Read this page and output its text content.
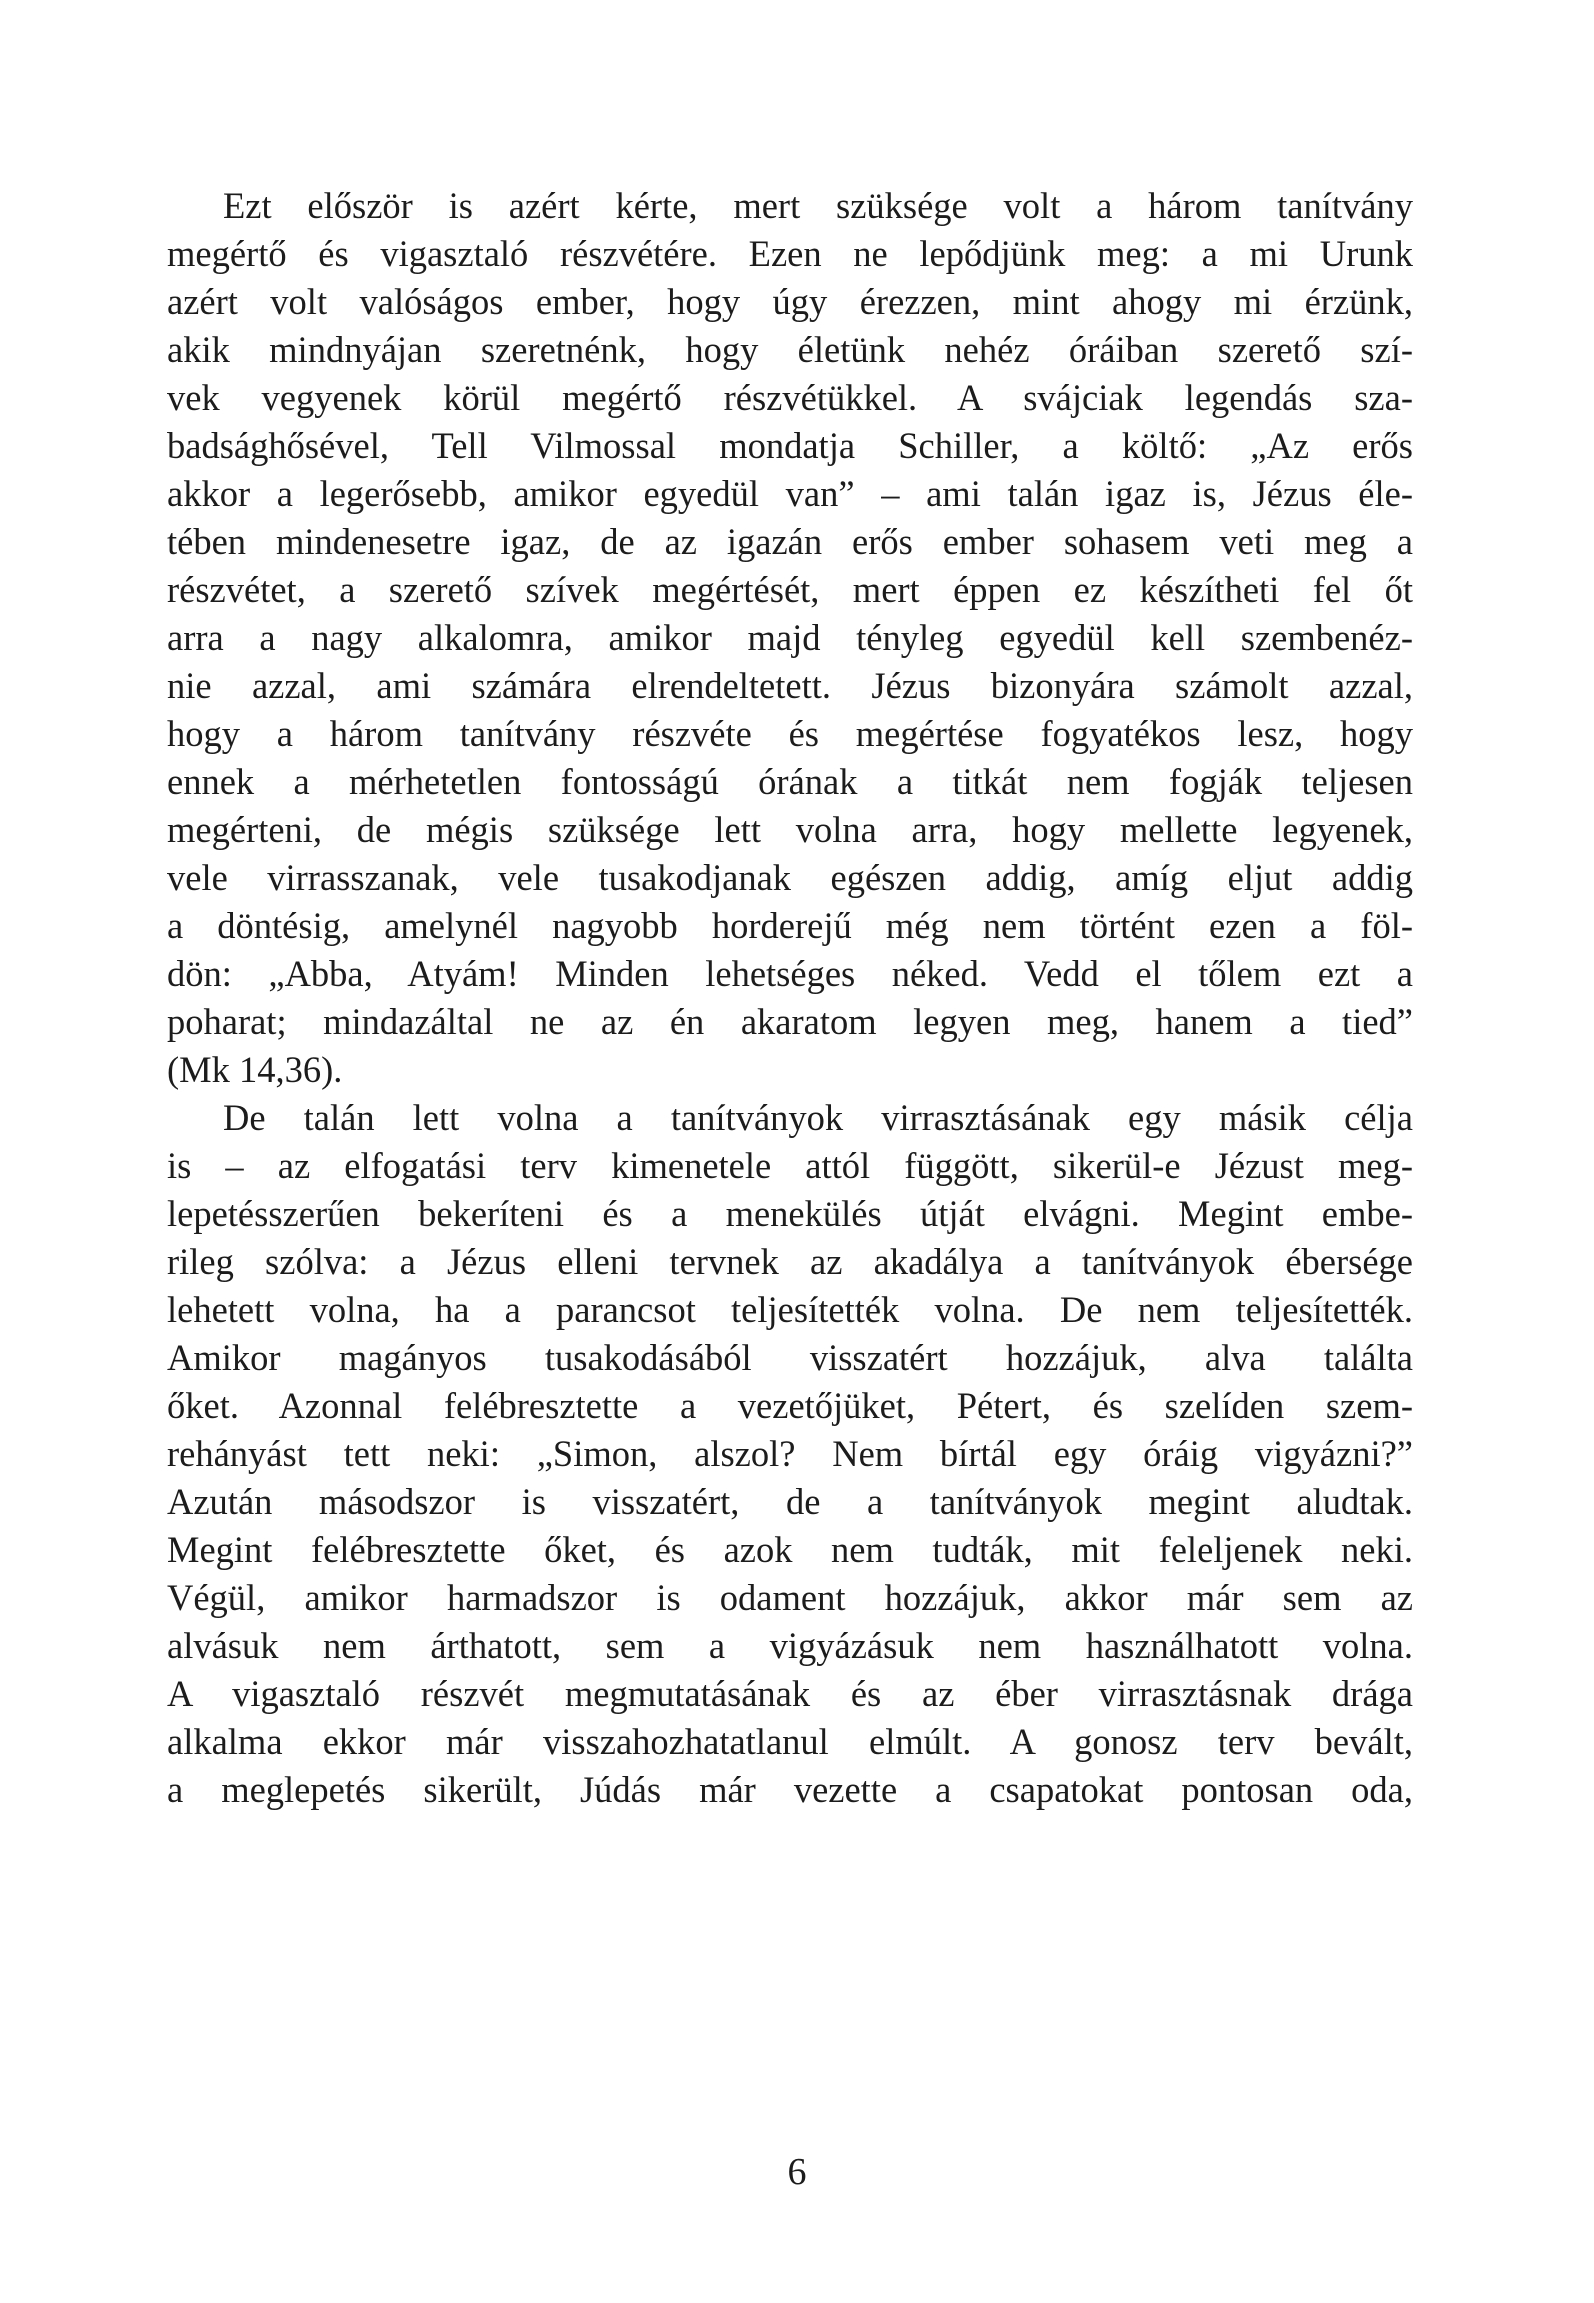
Ezt először is azért kérte, mert szüksége volt a három tanítvány
megértő és vigasztaló részvétére. Ezen ne lepődjünk meg: a mi Urunk
azért volt valóságos ember, hogy úgy érezzen, mint ahogy mi érzünk,
akik mindnyájan szeretnénk, hogy életünk nehéz óráiban szerető szí-
vek vegyenek körül megértő részvétükkel. A svájciak legendás sza-
badsághősével, Tell Vilmossal mondatja Schiller, a költő: „Az erős
akkor a legerősebb, amikor egyedül van” – ami talán igaz is, Jézus éle-
tében mindenesetre igaz, de az igazán erős ember sohasem veti meg a
részvétet, a szerető szívek megértését, mert éppen ez készítheti fel őt
arra a nagy alkalomra, amikor majd tényleg egyedül kell szembenéz-
nie azzal, ami számára elrendeltetett. Jézus bizonyára számolt azzal,
hogy a három tanítvány részvéte és megértése fogyatékos lesz, hogy
ennek a mérhetetlen fontosságú órának a titkát nem fogják teljesen
megérteni, de mégis szüksége lett volna arra, hogy mellette legyenek,
vele virrasszanak, vele tusakodjanak egészen addig, amíg eljut addig
a döntésig, amelynél nagyobb horderejű még nem történt ezen a föl-
dön: „Abba, Atyám! Minden lehetséges néked. Vedd el tőlem ezt a
poharat; mindazáltal ne az én akaratom legyen meg, hanem a tied”
(Mk 14,36).
De talán lett volna a tanítványok virrasztásának egy másik célja
is – az elfogatási terv kimenetele attól függött, sikerül-e Jézust meg-
lepetésszerűen bekeríteni és a menekülés útját elvágni. Megint embe-
rileg szólva: a Jézus elleni tervnek az akadálya a tanítványok ébersége
lehetett volna, ha a parancsot teljesítették volna. De nem teljesítették.
Amikor magányos tusakodásából visszatért hozzájuk, alva találta
őket. Azonnal felébresztette a vezetőjüket, Pétert, és szelíden szem-
rehányást tett neki: „Simon, alszol? Nem bírtál egy óráig vigyázni?”
Azután másodszor is visszatért, de a tanítványok megint aludtak.
Megint felébresztette őket, és azok nem tudták, mit feleljenek neki.
Végül, amikor harmadszor is odament hozzájuk, akkor már sem az
alvásuk nem árthatott, sem a vigyázásuk nem használhatott volna.
A vigasztaló részvét megmutatásának és az éber virrasztásnak drága
alkalma ekkor már visszahozhatatlanul elmúlt. A gonosz terv bevált,
a meglepetés sikerült, Júdás már vezette a csapatokat pontosan oda,
6
